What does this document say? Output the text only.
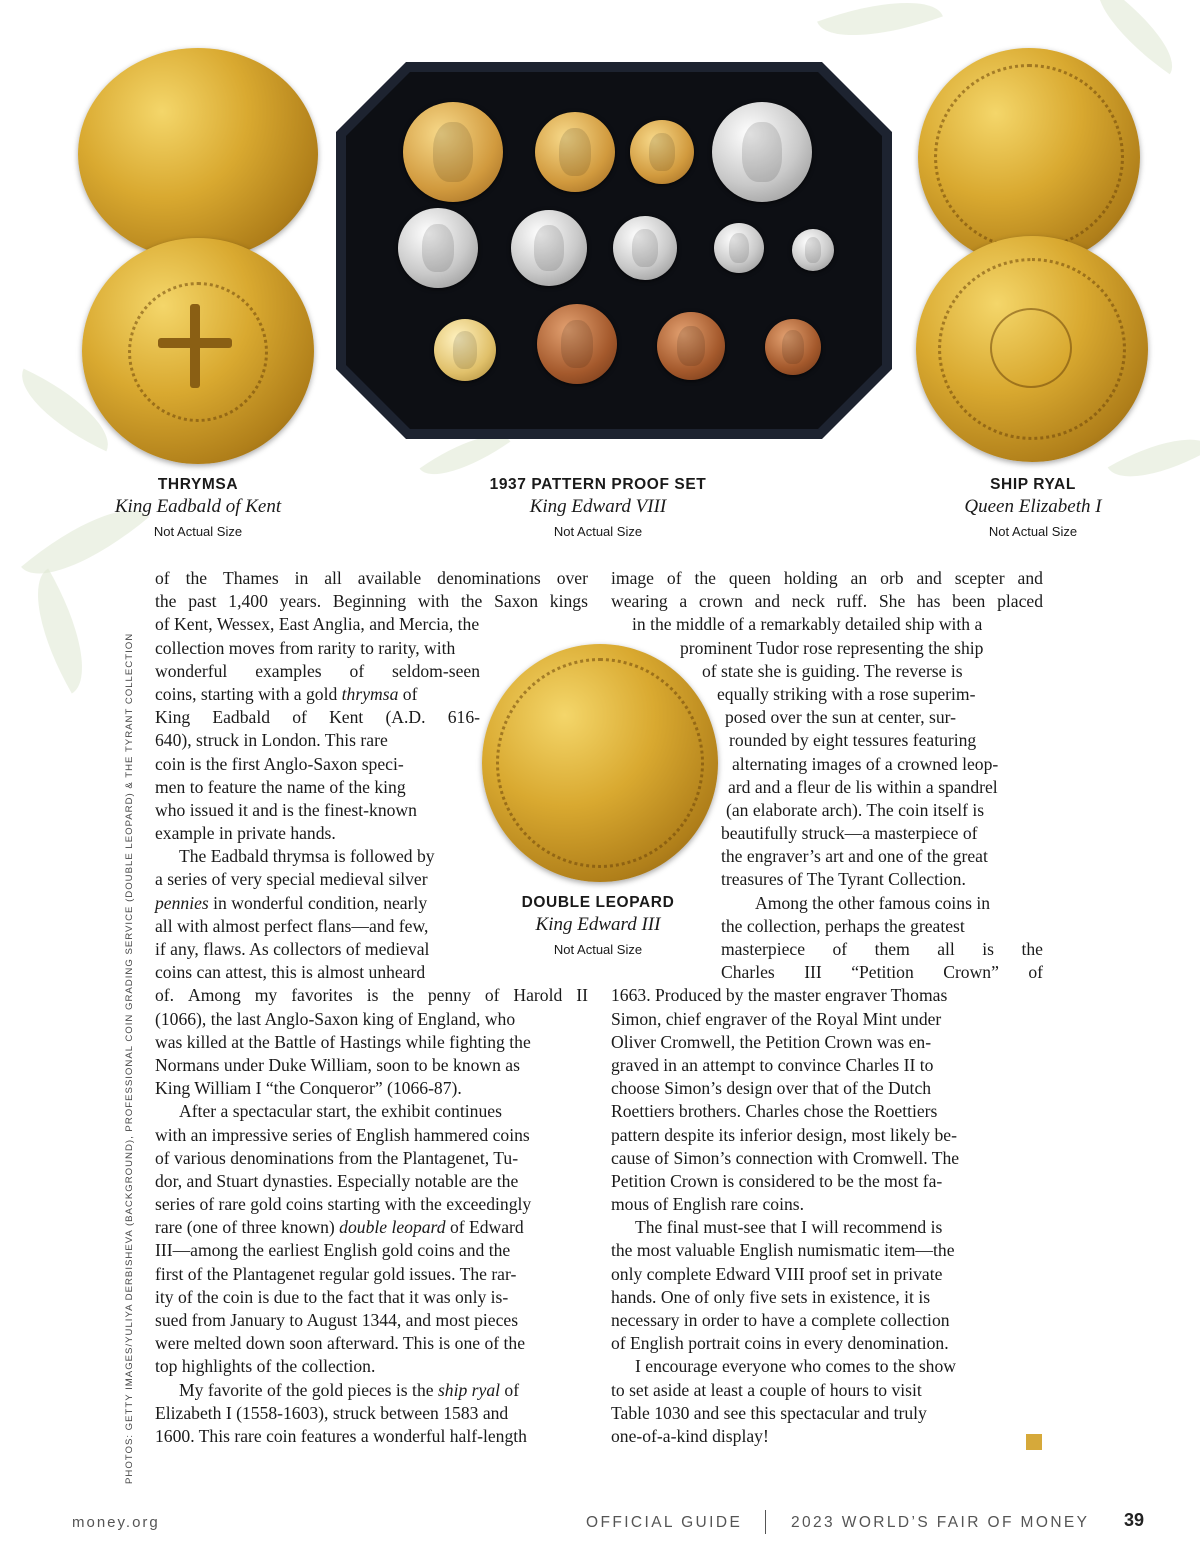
THRYMSA
King Eadbald of Kent
Not Actual Size
1937 PATTERN PROOF SET
King Edward VIII
Not Actual Size
SHIP RYAL
Queen Elizabeth I
Not Actual Size
DOUBLE LEOPARD
King Edward III
Not Actual Size
PHOTOS: GETTY IMAGES/YULIYA DERBISHEVA (BACKGROUND), PROFESSIONAL COIN GRADING SERVICE (DOUBLE LEOPARD) & THE TYRANT COLLECTION
of the Thames in all available denominations over
the past 1,400 years. Beginning with the Saxon kings
of Kent, Wessex, East Anglia, and Mercia, the
collection moves from rarity to rarity, with
wonderful examples of seldom-seen
coins, starting with a gold thrymsa of
King Eadbald of Kent (A.D. 616-
640), struck in London. This rare
coin is the first Anglo-Saxon speci-
men to feature the name of the king
who issued it and is the finest-known
example in private hands.
The Eadbald thrymsa is followed by
a series of very special medieval silver
pennies in wonderful condition, nearly
all with almost perfect flans—and few,
if any, flaws. As collectors of medieval
coins can attest, this is almost unheard
of. Among my favorites is the penny of Harold II
(1066), the last Anglo-Saxon king of England, who
was killed at the Battle of Hastings while fighting the
Normans under Duke William, soon to be known as
King William I “the Conqueror” (1066-87).
After a spectacular start, the exhibit continues
with an impressive series of English hammered coins
of various denominations from the Plantagenet, Tu-
dor, and Stuart dynasties. Especially notable are the
series of rare gold coins starting with the exceedingly
rare (one of three known) double leopard of Edward
III—among the earliest English gold coins and the
first of the Plantagenet regular gold issues. The rar-
ity of the coin is due to the fact that it was only is-
sued from January to August 1344, and most pieces
were melted down soon afterward. This is one of the
top highlights of the collection.
My favorite of the gold pieces is the ship ryal of
Elizabeth I (1558-1603), struck between 1583 and
1600. This rare coin features a wonderful half-length
image of the queen holding an orb and scepter and
wearing a crown and neck ruff. She has been placed
in the middle of a remarkably detailed ship with a
prominent Tudor rose representing the ship
of state she is guiding. The reverse is
equally striking with a rose superim-
posed over the sun at center, sur-
rounded by eight tessures featuring
alternating images of a crowned leop-
ard and a fleur de lis within a spandrel
(an elaborate arch). The coin itself is
beautifully struck—a masterpiece of
the engraver’s art and one of the great
treasures of The Tyrant Collection.
Among the other famous coins in
the collection, perhaps the greatest
masterpiece of them all is the
Charles III “Petition Crown” of
1663. Produced by the master engraver Thomas
Simon, chief engraver of the Royal Mint under
Oliver Cromwell, the Petition Crown was en-
graved in an attempt to convince Charles II to
choose Simon’s design over that of the Dutch
Roettiers brothers. Charles chose the Roettiers
pattern despite its inferior design, most likely be-
cause of Simon’s connection with Cromwell. The
Petition Crown is considered to be the most fa-
mous of English rare coins.
The final must-see that I will recommend is
the most valuable English numismatic item—the
only complete Edward VIII proof set in private
hands. One of only five sets in existence, it is
necessary in order to have a complete collection
of English portrait coins in every denomination.
I encourage everyone who comes to the show
to set aside at least a couple of hours to visit
Table 1030 and see this spectacular and truly
one-of-a-kind display!
money.org	OFFICIAL GUIDE	2023 WORLD’S FAIR OF MONEY 39
